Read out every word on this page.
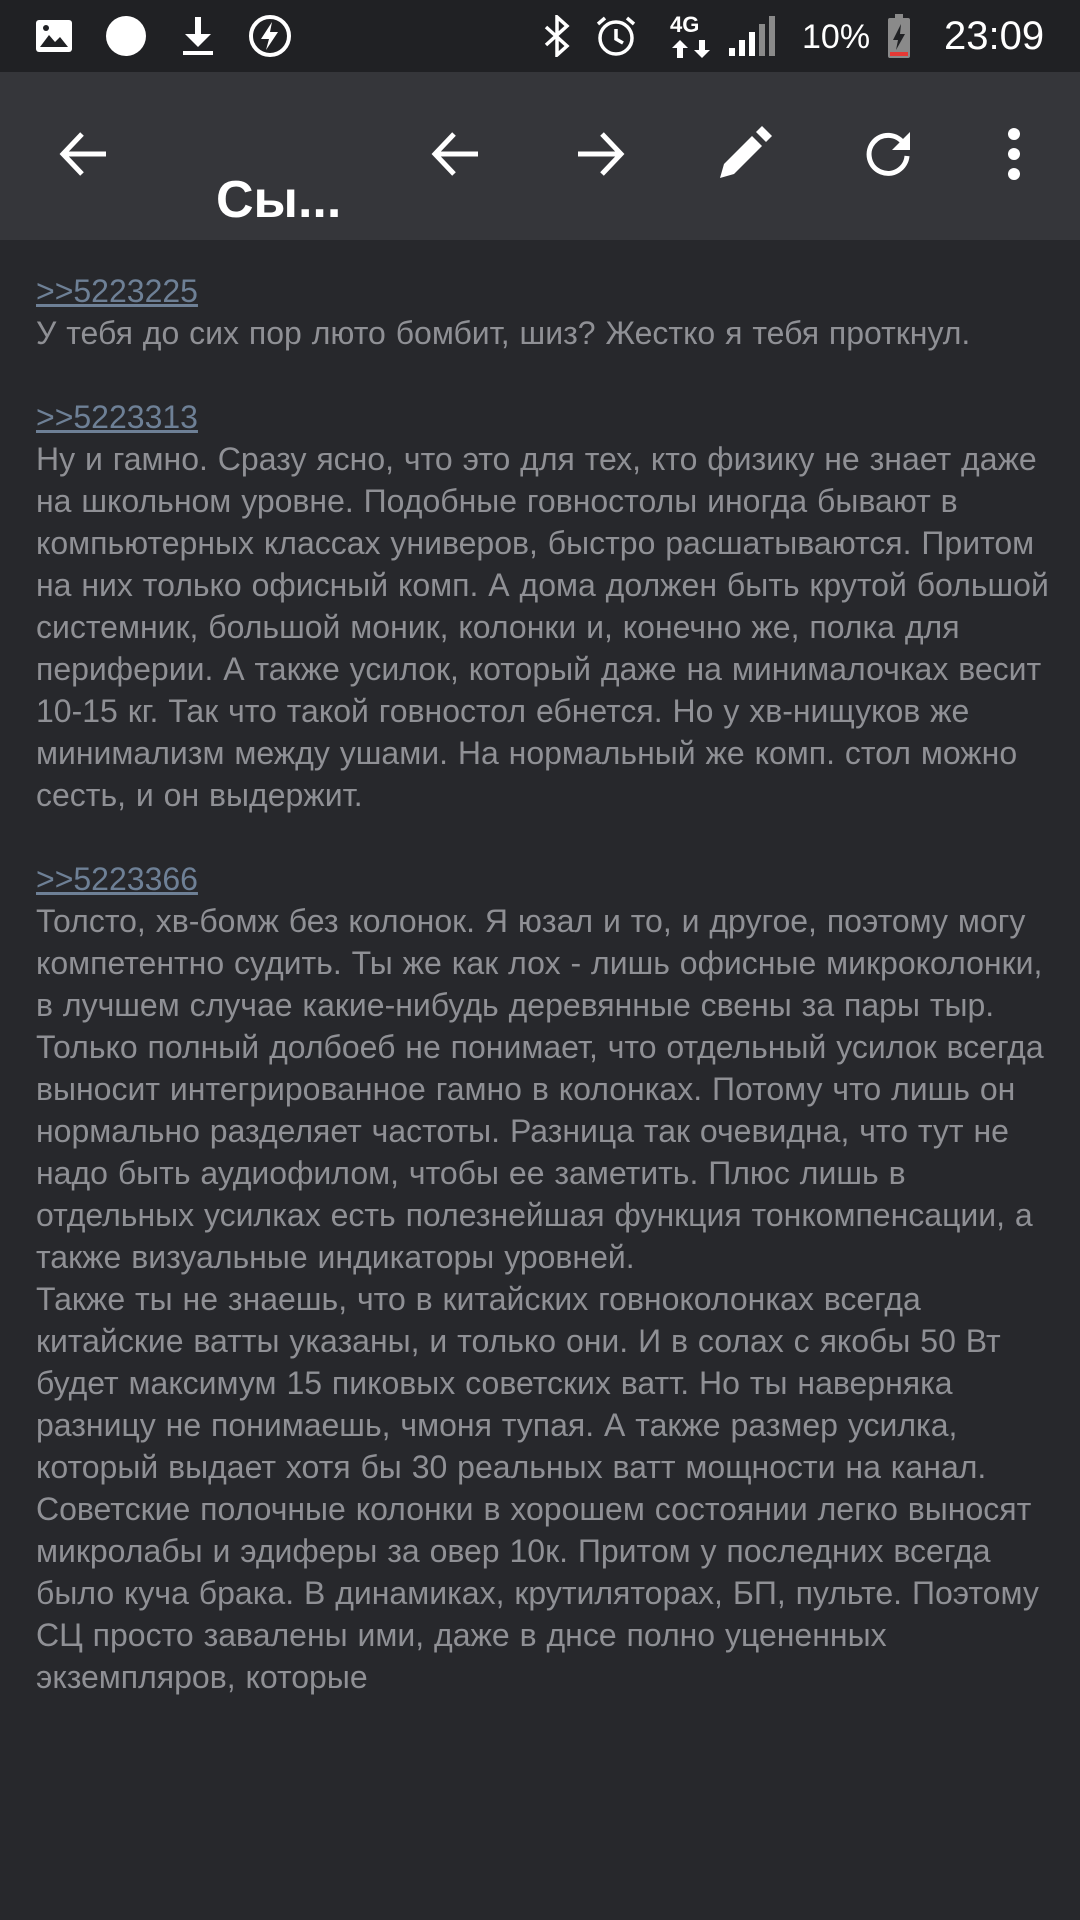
4G	10% 23:09
Сы...
>>5223225

У тебя до сих пор люто бомбит, шиз? Жестко я тебя проткнул.

>>5223313

Ну и гамно. Сразу ясно, что это для тех, кто физику не знает даже на школьном уровне. Подобные говностолы иногда бывают в компьютерных классах универов, быстро расшатываются. Притом на них только офисный комп. А дома должен быть крутой большой системник, большой моник, колонки и, конечно же, полка для периферии. А также усилок, который даже на минималочках весит 10-15 кг. Так что такой говностол ебнется. Но у хв-нищуков же минимализм между ушами. На нормальный же комп. стол можно сесть, и он выдержит.

>>5223366

Толсто, хв-бомж без колонок. Я юзал и то, и другое, поэтому могу компетентно судить. Ты же как лох - лишь офисные микроколонки, в лучшем случае какие-нибудь деревянные свены за пары тыр. Только полный долбоеб не понимает, что отдельный усилок всегда выносит интегрированное гамно в колонках. Потому что лишь он нормально разделяет частоты. Разница так очевидна, что тут не надо быть аудиофилом, чтобы ее заметить. Плюс лишь в отдельных усилках есть полезнейшая функция тонкомпенсации, а также визуальные индикаторы уровней.

Также ты не знаешь, что в китайских говноколонках всегда китайские ватты указаны, и только они. И в солах с якобы 50 Вт будет максимум 15 пиковых советских ватт. Но ты наверняка разницу не понимаешь, чмоня тупая. А также размер усилка, который выдает хотя бы 30 реальных ватт мощности на канал.

Советские полочные колонки в хорошем состоянии легко выносят микролабы и эдиферы за овер 10к. Притом у последних всегда было куча брака. В динамиках, крутиляторах, БП, пульте. Поэтому СЦ просто завалены ими, даже в днсе полно уцененных экземпляров, которые
